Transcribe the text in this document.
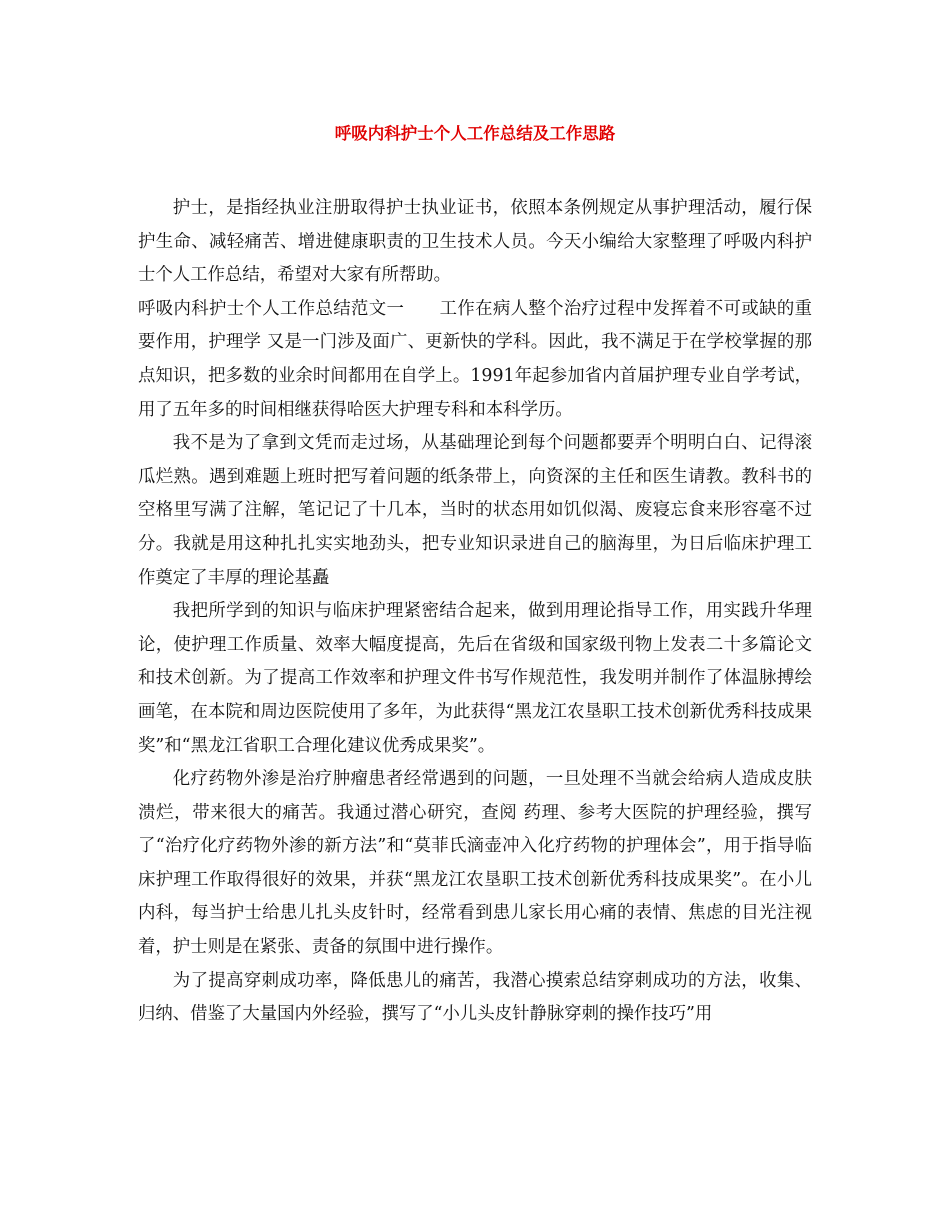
呼吸内科护士个人工作总结及工作思路

护士，是指经执业注册取得护士执业证书，依照本条例规定从事护理活动，履行保护生命、减轻痛苦、增进健康职责的卫生技术人员。今天小编给大家整理了呼吸内科护士个人工作总结，希望对大家有所帮助。

呼吸内科护士个人工作总结范文一　　工作在病人整个治疗过程中发挥着不可或缺的重要作用，护理学 又是一门涉及面广、更新快的学科。因此，我不满足于在学校掌握的那点知识，把多数的业余时间都用在自学上。1991年起参加省内首届护理专业自学考试，用了五年多的时间相继获得哈医大护理专科和本科学历。

我不是为了拿到文凭而走过场，从基础理论到每个问题都要弄个明明白白、记得滚瓜烂熟。遇到难题上班时把写着问题的纸条带上，向资深的主任和医生请教。教科书的空格里写满了注解，笔记记了十几本，当时的状态用如饥似渴、废寝忘食来形容毫不过分。我就是用这种扎扎实实地劲头，把专业知识录进自己的脑海里，为日后临床护理工作奠定了丰厚的理论基矗

我把所学到的知识与临床护理紧密结合起来，做到用理论指导工作，用实践升华理论，使护理工作质量、效率大幅度提高，先后在省级和国家级刊物上发表二十多篇论文和技术创新。为了提高工作效率和护理文件书写作规范性，我发明并制作了体温脉搏绘画笔，在本院和周边医院使用了多年，为此获得“黑龙江农垦职工技术创新优秀科技成果奖”和“黑龙江省职工合理化建议优秀成果奖”。

化疗药物外渗是治疗肿瘤患者经常遇到的问题，一旦处理不当就会给病人造成皮肤溃烂，带来很大的痛苦。我通过潜心研究，查阅 药理、参考大医院的护理经验，撰写了“治疗化疗药物外渗的新方法”和“莫菲氏滴壶冲入化疗药物的护理体会”，用于指导临床护理工作取得很好的效果，并获“黑龙江农垦职工技术创新优秀科技成果奖”。在小儿内科，每当护士给患儿扎头皮针时，经常看到患儿家长用心痛的表情、焦虑的目光注视着，护士则是在紧张、责备的氛围中进行操作。

为了提高穿刺成功率，降低患儿的痛苦，我潜心摸索总结穿刺成功的方法，收集、归纳、借鉴了大量国内外经验，撰写了“小儿头皮针静脉穿刺的操作技巧”用
